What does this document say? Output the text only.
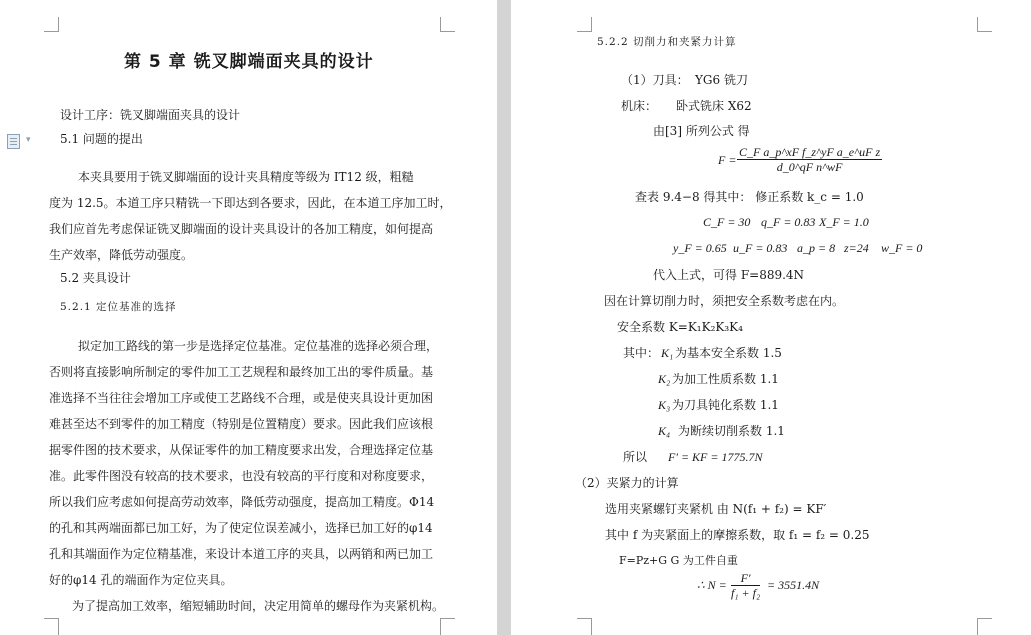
▾
第 5 章 铣叉脚端面夹具的设计
设计工序：铣叉脚端面夹具的设计
5.1 问题的提出
本夹具要用于铣叉脚端面的设计夹具精度等级为 IT12 级，粗糙
度为 12.5。本道工序只精铣一下即达到各要求，因此，在本道工序加工时，
我们应首先考虑保证铣叉脚端面的设计夹具设计的各加工精度，如何提高
生产效率，降低劳动强度。
5.2 夹具设计
5.2.1 定位基准的选择
拟定加工路线的第一步是选择定位基准。定位基准的选择必须合理，
否则将直接影响所制定的零件加工工艺规程和最终加工出的零件质量。基
准选择不当往往会增加工序或使工艺路线不合理，或是使夹具设计更加困
难甚至达不到零件的加工精度（特别是位置精度）要求。因此我们应该根
据零件图的技术要求，从保证零件的加工精度要求出发，合理选择定位基
准。此零件图没有较高的技术要求，也没有较高的平行度和对称度要求，
所以我们应考虑如何提高劳动效率，降低劳动强度，提高加工精度。Φ14
的孔和其两端面都已加工好，为了使定位误差减小，选择已加工好的φ14
孔和其端面作为定位精基准，来设计本道工序的夹具，以两销和两已加工
好的φ14 孔的端面作为定位夹具。
为了提高加工效率，缩短辅助时间，决定用简单的螺母作为夹紧机构。
5.2.2 切削力和夹紧力计算
（1）刀具： YG6 铣刀
机床： 卧式铣床 X62
由[3] 所列公式 得
$F = \frac{\text{C\_F a\_p\textasciicircum{}xF f\_z\textasciicircum{}yF a\_e\textasciicircum{}uF z}}{\text{d\_0\textasciicircum{}qF n\textasciicircum{}wF}}$
查表 9.4−8 得其中： 修正系数 k_c = 1.0
C_F = 30 q_F = 0.83 X_F = 1.0
y_F = 0.65 u_F = 0.83 a_p = 8 z=24 w_F = 0
代入上式，可得 F=889.4N
因在计算切削力时，须把安全系数考虑在内。
安全系数 K=K₁K₂K₃K₄
其中： K₁ 为基本安全系数 1.5
K₂ 为加工性质系数 1.1
K₃ 为刀具钝化系数 1.1
K₄ 为断续切削系数 1.1
所以 F′ = KF = 1775.7N
（2）夹紧力的计算
选用夹紧螺钉夹紧机 由 N(f₁ + f₂) = KF′
其中 f 为夹紧面上的摩擦系数，取 f₁ = f₂ = 0.25
F=Pz+G G 为工件自重
∴ $N = \frac{F'}{\text{f₁ + f₂}} = 3551.4N$
